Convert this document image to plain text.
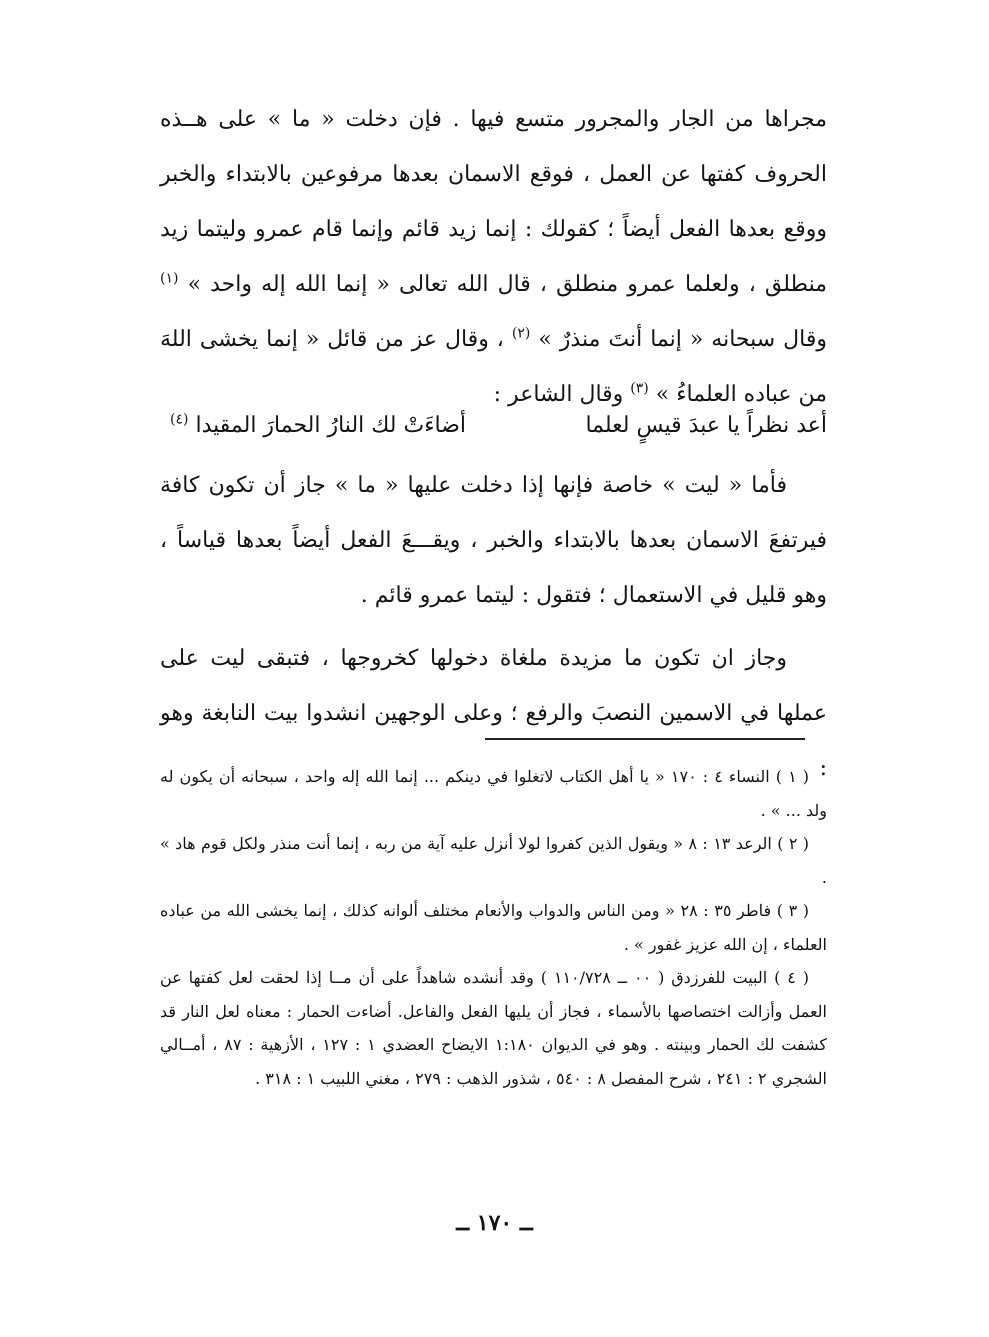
مجراها من الجار والمجرور متسع فيها . فإن دخلت « ما » على هــذه الحروف كفتها عن العمل ، فوقع الاسمان بعدها مرفوعين بالابتداء والخبر ووقع بعدها الفعل أيضاً ؛ كقولك : إنما زيد قائم وإنما قام عمرو وليتما زيد منطلق ، ولعلما عمرو منطلق ، قال الله تعالى « إنما الله إله واحد » $^{(١)}$ وقال سبحانه « إنما أنتَ منذرٌ » $^{(٢)}$ ، وقال عز من قائل « إنما يخشى اللهَ من عباده العلماءُ » $^{(٣)}$ وقال الشاعر :

أعد نظراً يا عبدَ قيسٍ لعلما
أضاءَتْ لك النارُ الحمارَ المقيدا $^{(٤)}$

فأما « ليت » خاصة فإنها إذا دخلت عليها « ما » جاز أن تكون كافة فيرتفعَ الاسمان بعدها بالابتداء والخبر ، ويقـــعَ الفعل أيضاً بعدها قياساً ، وهو قليل في الاستعمال ؛ فتقول : ليتما عمرو قائم .

وجاز ان تكون ما مزيدة ملغاة دخولها كخروجها ، فتبقى ليت على عملها في الاسمين النصبَ والرفع ؛ وعلى الوجهين انشدوا بيت النابغة وهو :

( ١ ) النساء ٤ : ١٧٠ « يا أهل الكتاب لاتغلوا في دينكم ... إنما الله إله واحد ، سبحانه أن يكون له ولد ... » .

( ٢ ) الرعد ١٣ : ٨ « ويقول الذين كفروا لولا أنزل عليه آية من ربه ، إنما أنت منذر ولكل قوم هاد » .

( ٣ ) فاطر ٣٥ : ٢٨ « ومن الناس والدواب والأنعام مختلف ألوانه كذلك ، إنما يخشى الله من عباده العلماء ، إن الله عزيز غفور » .

( ٤ ) البيت للفرزدق ( ٠٠ ــ ١١٠/٧٢٨ ) وقد أنشده شاهداً على أن مــا إذا لحقت لعل كفتها عن العمل وأزالت اختصاصها بالأسماء ، فجاز أن يليها الفعل والفاعل. أضاءت الحمار : معناه لعل النار قد كشفت لك الحمار وبينته . وهو في الديوان ١:١٨٠ الايضاح العضدي ١ : ١٢٧ ، الأزهية : ٨٧ ، أمــالي الشجري ٢ : ٢٤١ ، شرح المفصل ٨ : ٥٤٠ ، شذور الذهب : ٢٧٩ ، مغني اللبيب ١ : ٣١٨ .

ــ ١٧٠ ــ
